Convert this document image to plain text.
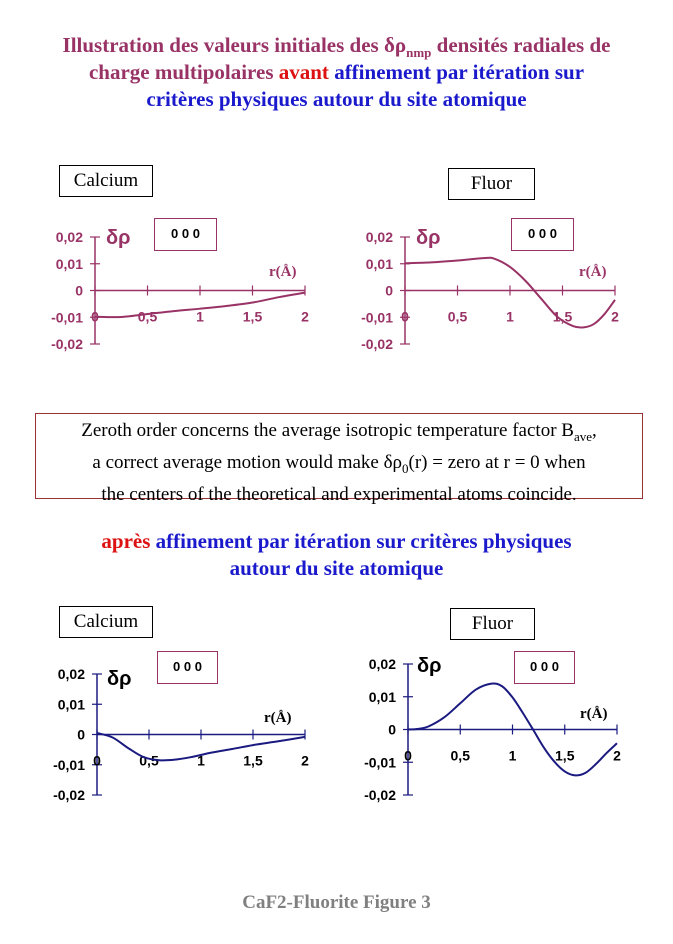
Illustration des valeurs initiales des $\delta\rho_{nmp}$ densités radiales de
charge multipolaires avant affinement par itération sur
critères physiques autour du site atomique
Calcium	Fluor
0 0 0	0 0 0
0,02
0,01
0
-0,01
-0,02
0	0,5	1	1,5	2
δρ
r(Å)
0,02
0,01
0
-0,01
-0,02
0	0,5	1	1,5	2
δρ
r(Å)
0,02
0,01
0
-0,01
-0,02
0	0,5	1	1,5	2
δρ
r(Å)
0,02
0,01
0
-0,01
-0,02
0	0,5	1	1,5	2
δρ
r(Å)
Zeroth order concerns the average isotropic temperature factor $B_{ave}$,
a correct average motion would make $\delta\rho_0(r)$ = zero at r = 0 when
the centers of the theoretical and experimental atoms coincide.
après affinement par itération sur critères physiques
autour du site atomique
Calcium	Fluor
0 0 0	0 0 0
CaF2-Fluorite Figure 3
